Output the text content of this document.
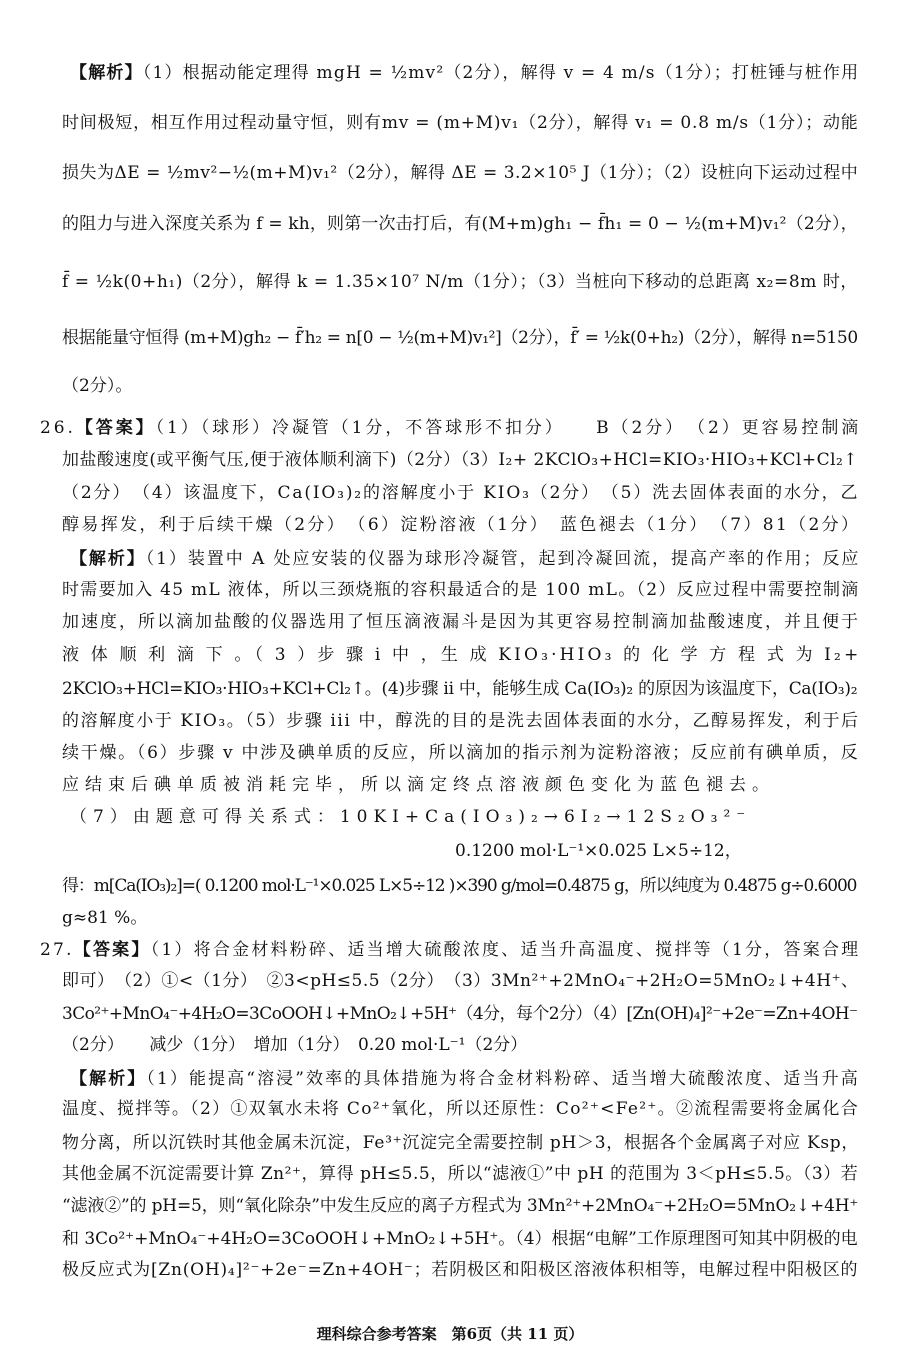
【解析】（1）根据动能定理得 mgH = ½mv²（2分），解得 v = 4 m/s（1分）；打桩锤与桩作用
时间极短，相互作用过程动量守恒，则有mv = (m+M)v₁（2分），解得 v₁ = 0.8 m/s（1分）；动能
损失为ΔE = ½mv²−½(m+M)v₁²（2分），解得 ΔE = 3.2×10⁵ J（1分）；（2）设桩向下运动过程中
的阻力与进入深度关系为 f = kh，则第一次击打后，有(M+m)gh₁ − f̄h₁ = 0 − ½(m+M)v₁²（2分），
f̄ = ½k(0+h₁)（2分），解得 k = 1.35×10⁷ N/m（1分）；（3）当桩向下移动的总距离 x₂=8m 时，
根据能量守恒得 (m+M)gh₂ − f̄′h₂ = n[0 − ½(m+M)v₁²]（2分），f̄′ = ½k(0+h₂)（2分），解得 n=5150
（2分）。
26.【答案】（1）（球形）冷凝管（1分，不答球形不扣分）　　B（2分）　（2）更容易控制滴
加盐酸速度(或平衡气压,便于液体顺利滴下)（2分）（3）I₂+ 2KClO₃+HCl=KIO₃·HIO₃+KCl+Cl₂↑
（2分）　（4）该温度下，Ca(IO₃)₂的溶解度小于 KIO₃（2分）　（5）洗去固体表面的水分，乙
醇易挥发，利于后续干燥（2分）　（6）淀粉溶液（1分）　蓝色褪去（1分）　（7）81（2分）
【解析】（1）装置中 A 处应安装的仪器为球形冷凝管，起到冷凝回流，提高产率的作用；反应
时需要加入 45 mL 液体，所以三颈烧瓶的容积最适合的是 100 mL。（2）反应过程中需要控制滴
加速度，所以滴加盐酸的仪器选用了恒压滴液漏斗是因为其更容易控制滴加盐酸速度，并且便于
液 体 顺 利 滴 下 。（ 3 ）步 骤 i 中 ，生 成 KIO₃·HIO₃ 的 化 学 方 程 式 为 I₂+
2KClO₃+HCl=KIO₃·HIO₃+KCl+Cl₂↑。(4)步骤 ii 中，能够生成 Ca(IO₃)₂ 的原因为该温度下，Ca(IO₃)₂
的溶解度小于 KIO₃。（5）步骤 iii 中，醇洗的目的是洗去固体表面的水分，乙醇易挥发，利于后
续干燥。（6）步骤 v 中涉及碘单质的反应，所以滴加的指示剂为淀粉溶液；反应前有碘单质，反
应结束后碘单质被消耗完毕，所以滴定终点溶液颜色变化为蓝色褪去。
（7）由题意可得关系式：10KI+Ca(IO₃)₂→6I₂→12S₂O₃²⁻
0.1200 mol·L⁻¹×0.025 L×5÷12，
得：m[Ca(IO₃)₂]=( 0.1200 mol·L⁻¹×0.025 L×5÷12 )×390 g/mol=0.4875 g，所以纯度为 0.4875 g÷0.6000
g≈81 %。
27.【答案】（1）将合金材料粉碎、适当增大硫酸浓度、适当升高温度、搅拌等（1分，答案合理
即可）　（2）①<（1分）　②3<pH≤5.5（2分）　（3）3Mn²⁺+2MnO₄⁻+2H₂O=5MnO₂↓+4H⁺、
3Co²⁺+MnO₄⁻+4H₂O=3CoOOH↓+MnO₂↓+5H⁺（4分，每个2分）（4）[Zn(OH)₄]²⁻+2e⁻=Zn+4OH⁻
（2分）　　减少（1分）　增加（1分）　0.20 mol·L⁻¹（2分）
【解析】（1）能提高“溶浸”效率的具体措施为将合金材料粉碎、适当增大硫酸浓度、适当升高
温度、搅拌等。（2）①双氧水未将 Co²⁺氧化，所以还原性：Co²⁺<Fe²⁺。②流程需要将金属化合
物分离，所以沉铁时其他金属未沉淀，Fe³⁺沉淀完全需要控制 pH＞3，根据各个金属离子对应 Ksp，
其他金属不沉淀需要计算 Zn²⁺，算得 pH≤5.5，所以“滤液①”中 pH 的范围为 3＜pH≤5.5。（3）若
“滤液②”的 pH=5，则“氧化除杂”中发生反应的离子方程式为 3Mn²⁺+2MnO₄⁻+2H₂O=5MnO₂↓+4H⁺
和 3Co²⁺+MnO₄⁻+4H₂O=3CoOOH↓+MnO₂↓+5H⁺。（4）根据“电解”工作原理图可知其中阴极的电
极反应式为[Zn(OH)₄]²⁻+2e⁻=Zn+4OH⁻；若阴极区和阳极区溶液体积相等，电解过程中阳极区的
理科综合参考答案　第6页（共 11 页）
